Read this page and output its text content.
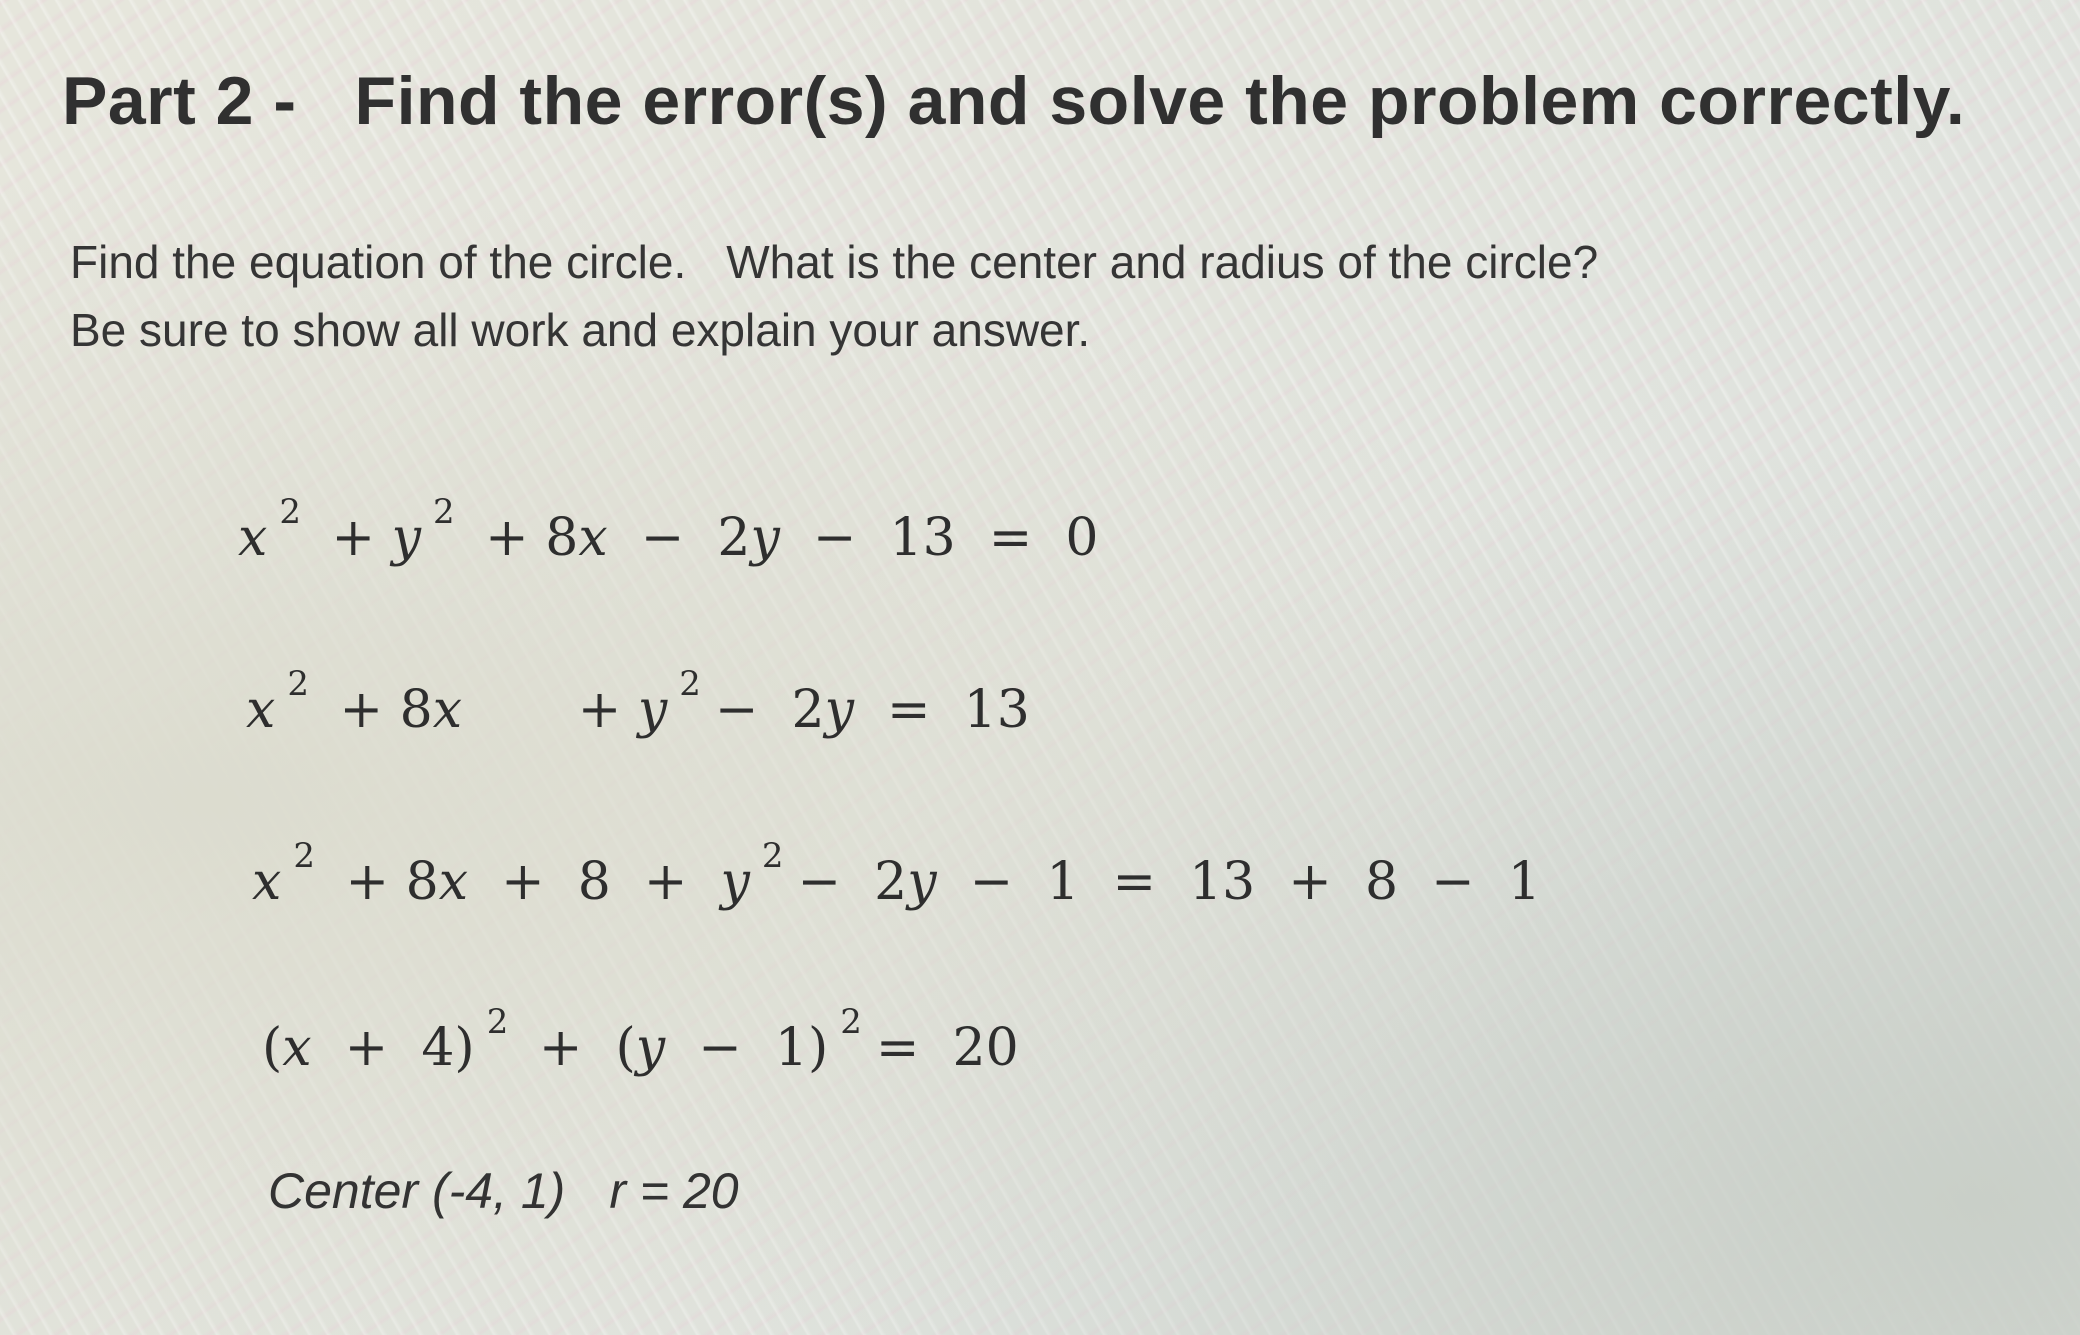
Part 2 - Find the error(s) and solve the problem correctly.
Find the equation of the circle. What is the center and radius of the circle?
Be sure to show all work and explain your answer.
x $^2$ + y $^2$ + 8x  −  2y  −  13  =  0
x $^2$ + 8x       + y $^2$ −  2y  =  13
x $^2$ + 8x  +  8  +  y $^2$ −  2y  −  1  =  13  +  8  −  1
(x  +  4) $^2$ +  (y  −  1) $^2$ =  20
Center (-4, 1) r = 20
